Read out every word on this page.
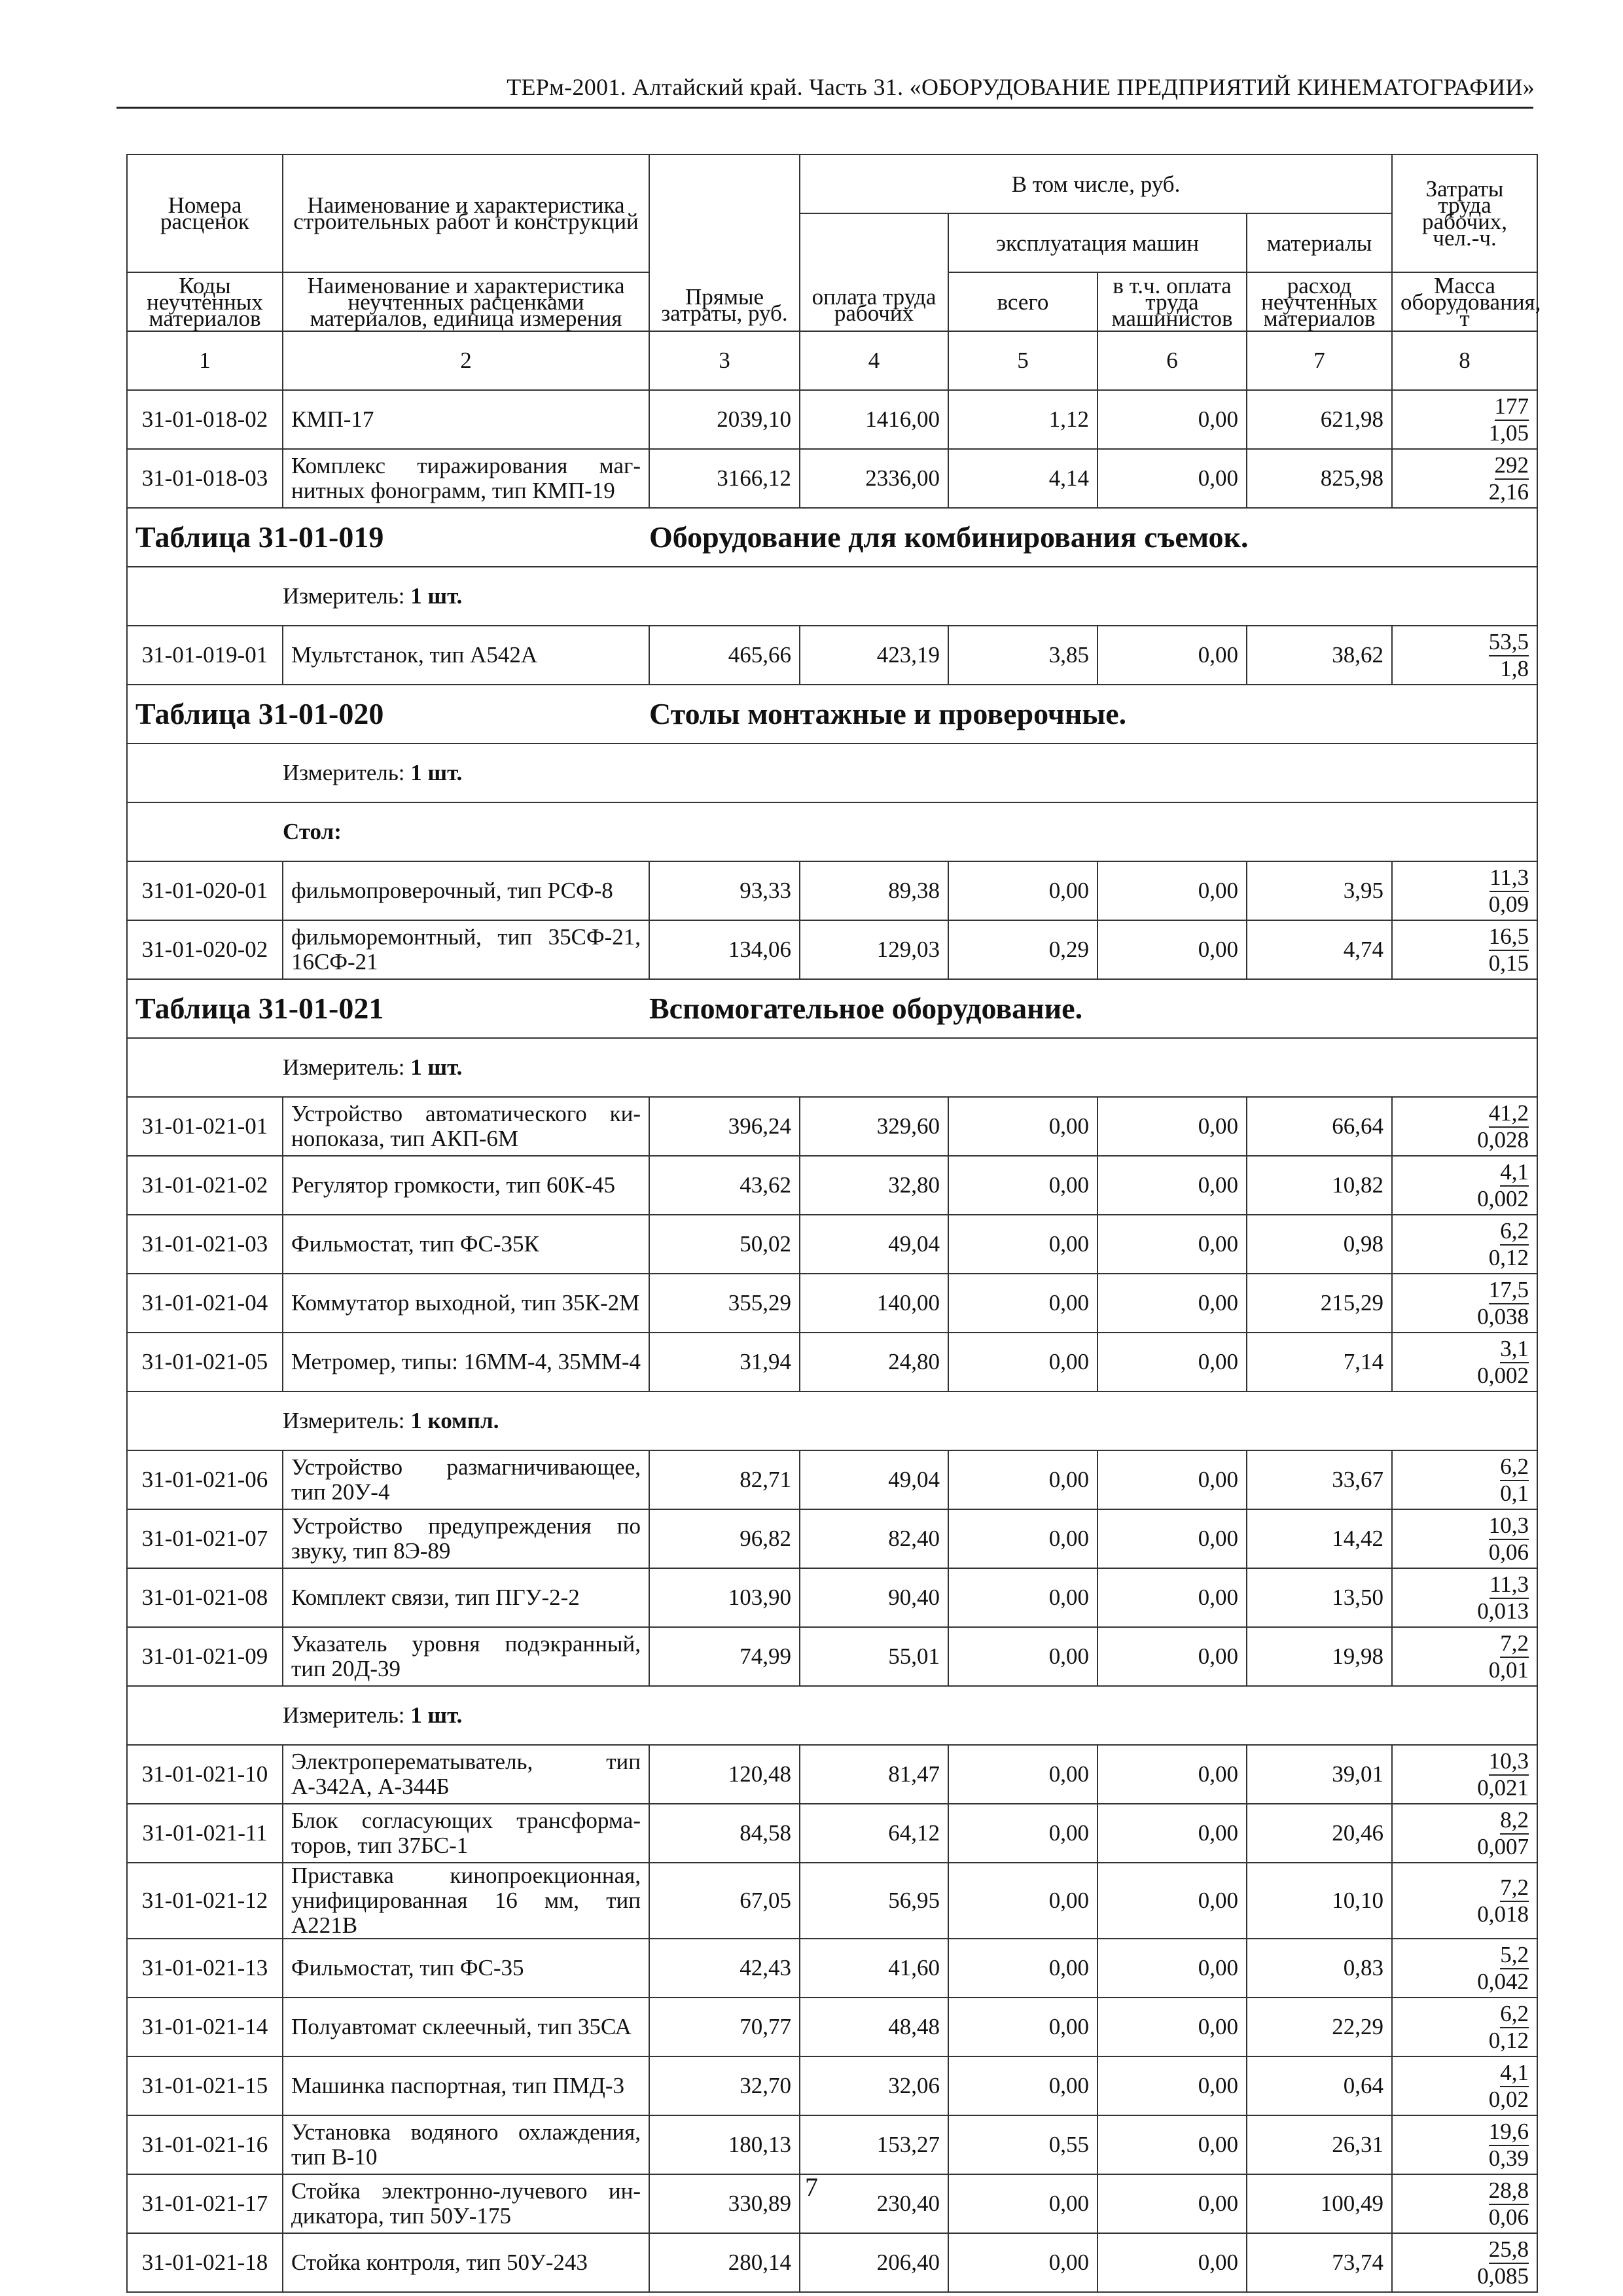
ТЕРм-2001. Алтайский край. Часть 31. «ОБОРУДОВАНИЕ ПРЕДПРИЯТИЙ КИНЕМАТОГРАФИИ»
Номера расценок	Наименование и характеристика строительных работ и конструкций	Прямые затраты, руб.	В том числе, руб.				Затраты труда рабочих, чел.-ч.
			оплата труда рабочих	эксплуатация машин		материалы	
Коды неучтенных материалов	Наименование и характеристика неучтенных расценками материалов, единица измерения			всего	в т.ч. оплата труда машинистов	расход неучтенных материалов	Масса оборудования, т
1	2	3	4	5	6	7	8
31-01-018-02	КМП-17	2039,10	1416,00	1,12	0,00	621,98	$\frac{177}{1,05}$

31-01-018-03	Комплекс тиражирования маг-нитных фонограмм, тип КМП-19	3166,12	2336,00	4,14	0,00	825,98	$\frac{292}{2,16}$

Таблица 31-01-019 Оборудование для комбинирования съемок.							

Измеритель: 1 шт.							
31-01-019-01	Мультстанок, тип А542А	465,66	423,19	3,85	0,00	38,62	$\frac{53,5}{1,8}$

Таблица 31-01-020 Столы монтажные и проверочные.							

Измеритель: 1 шт.							
Стол:							
31-01-020-01	фильмопроверочный, тип РСФ-8	93,33	89,38	0,00	0,00	3,95	$\frac{11,3}{0,09}$

31-01-020-02	фильморемонтный, тип 35СФ-21, 16СФ-21	134,06	129,03	0,29	0,00	4,74	$\frac{16,5}{0,15}$

Таблица 31-01-021 Вспомогательное оборудование.							

Измеритель: 1 шт.							
31-01-021-01	Устройство автоматического ки-нопоказа, тип АКП-6М	396,24	329,60	0,00	0,00	66,64	$\frac{41,2}{0,028}$

31-01-021-02	Регулятор громкости, тип 60К-45	43,62	32,80	0,00	0,00	10,82	$\frac{4,1}{0,002}$

31-01-021-03	Фильмостат, тип ФС-35К	50,02	49,04	0,00	0,00	0,98	$\frac{6,2}{0,12}$

31-01-021-04	Коммутатор выходной, тип 35К-2М	355,29	140,00	0,00	0,00	215,29	$\frac{17,5}{0,038}$

31-01-021-05	Метромер, типы: 16ММ-4, 35ММ-4	31,94	24,80	0,00	0,00	7,14	$\frac{3,1}{0,002}$

Измеритель: 1 компл.							
31-01-021-06	Устройство размагничивающее, тип 20У-4	82,71	49,04	0,00	0,00	33,67	$\frac{6,2}{0,1}$

31-01-021-07	Устройство предупреждения по звуку, тип 8Э-89	96,82	82,40	0,00	0,00	14,42	$\frac{10,3}{0,06}$

31-01-021-08	Комплект связи, тип ПГУ-2-2	103,90	90,40	0,00	0,00	13,50	$\frac{11,3}{0,013}$

31-01-021-09	Указатель уровня подэкранный, тип 20Д-39	74,99	55,01	0,00	0,00	19,98	$\frac{7,2}{0,01}$

Измеритель: 1 шт.							
31-01-021-10	Электроперематыватель, тип А-342А, А-344Б	120,48	81,47	0,00	0,00	39,01	$\frac{10,3}{0,021}$

31-01-021-11	Блок согласующих трансформа-торов, тип 37БС-1	84,58	64,12	0,00	0,00	20,46	$\frac{8,2}{0,007}$

31-01-021-12	Приставка кинопроекционная, унифицированная 16 мм, тип А221В	67,05	56,95	0,00	0,00	10,10	$\frac{7,2}{0,018}$

31-01-021-13	Фильмостат, тип ФС-35	42,43	41,60	0,00	0,00	0,83	$\frac{5,2}{0,042}$

31-01-021-14	Полуавтомат склеечный, тип 35СА	70,77	48,48	0,00	0,00	22,29	$\frac{6,2}{0,12}$

31-01-021-15	Машинка паспортная, тип ПМД-3	32,70	32,06	0,00	0,00	0,64	$\frac{4,1}{0,02}$

31-01-021-16	Установка водяного охлаждения, тип В-10	180,13	153,27	0,55	0,00	26,31	$\frac{19,6}{0,39}$

31-01-021-17	Стойка электронно-лучевого ин-дикатора, тип 50У-175	330,89	230,40	0,00	0,00	100,49	$\frac{28,8}{0,06}$

31-01-021-18	Стойка контроля, тип 50У-243	280,14	206,40	0,00	0,00	73,74	$\frac{25,8}{0,085}$
7
